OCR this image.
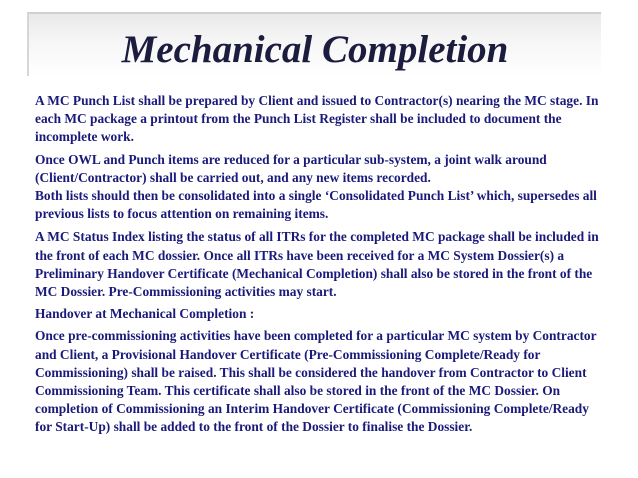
Mechanical Completion

A MC Punch List shall be prepared by Client and issued to Contractor(s) nearing the MC stage. In each MC package a printout from the Punch List Register shall be included to document the incomplete work.

Once OWL and Punch items are reduced for a particular sub-system, a joint walk around (Client/Contractor) shall be carried out, and any new items recorded.

Both lists should then be consolidated into a single ‘Consolidated Punch List’ which, supersedes all previous lists to focus attention on remaining items.

A MC Status Index listing the status of all ITRs for the completed MC package shall be included in the front of each MC dossier. Once all ITRs have been received for a MC System Dossier(s) a Preliminary Handover Certificate (Mechanical Completion) shall also be stored in the front of the MC Dossier. Pre-Commissioning activities may start.

Handover at Mechanical Completion :

Once pre-commissioning activities have been completed for a particular MC system by Contractor and Client, a Provisional Handover Certificate (Pre-Commissioning Complete/Ready for Commissioning) shall be raised. This shall be considered the handover from Contractor to Client Commissioning Team. This certificate shall also be stored in the front of the MC Dossier. On completion of Commissioning an Interim Handover Certificate (Commissioning Complete/Ready for Start-Up) shall be added to the front of the Dossier to finalise the Dossier.
